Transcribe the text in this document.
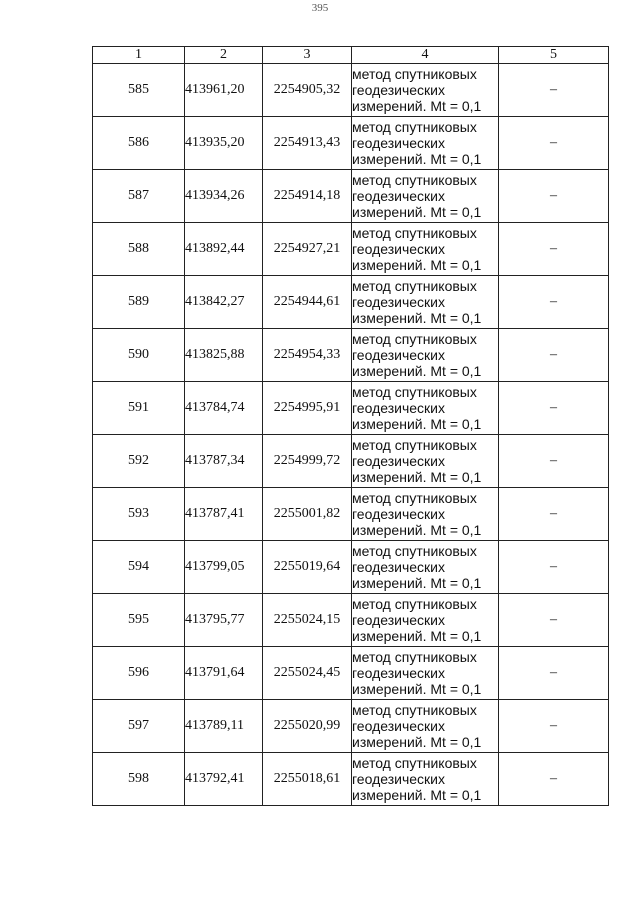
395
1	2	3	4	5
585	413961,20	2254905,32	метод спутниковых
геодезических
измерений. Mt = 0,1	–
586	413935,20	2254913,43	метод спутниковых
геодезических
измерений. Mt = 0,1	–
587	413934,26	2254914,18	метод спутниковых
геодезических
измерений. Mt = 0,1	–
588	413892,44	2254927,21	метод спутниковых
геодезических
измерений. Mt = 0,1	–
589	413842,27	2254944,61	метод спутниковых
геодезических
измерений. Mt = 0,1	–
590	413825,88	2254954,33	метод спутниковых
геодезических
измерений. Mt = 0,1	–
591	413784,74	2254995,91	метод спутниковых
геодезических
измерений. Mt = 0,1	–
592	413787,34	2254999,72	метод спутниковых
геодезических
измерений. Mt = 0,1	–
593	413787,41	2255001,82	метод спутниковых
геодезических
измерений. Mt = 0,1	–
594	413799,05	2255019,64	метод спутниковых
геодезических
измерений. Mt = 0,1	–
595	413795,77	2255024,15	метод спутниковых
геодезических
измерений. Mt = 0,1	–
596	413791,64	2255024,45	метод спутниковых
геодезических
измерений. Mt = 0,1	–
597	413789,11	2255020,99	метод спутниковых
геодезических
измерений. Mt = 0,1	–
598	413792,41	2255018,61	метод спутниковых
геодезических
измерений. Mt = 0,1	–
